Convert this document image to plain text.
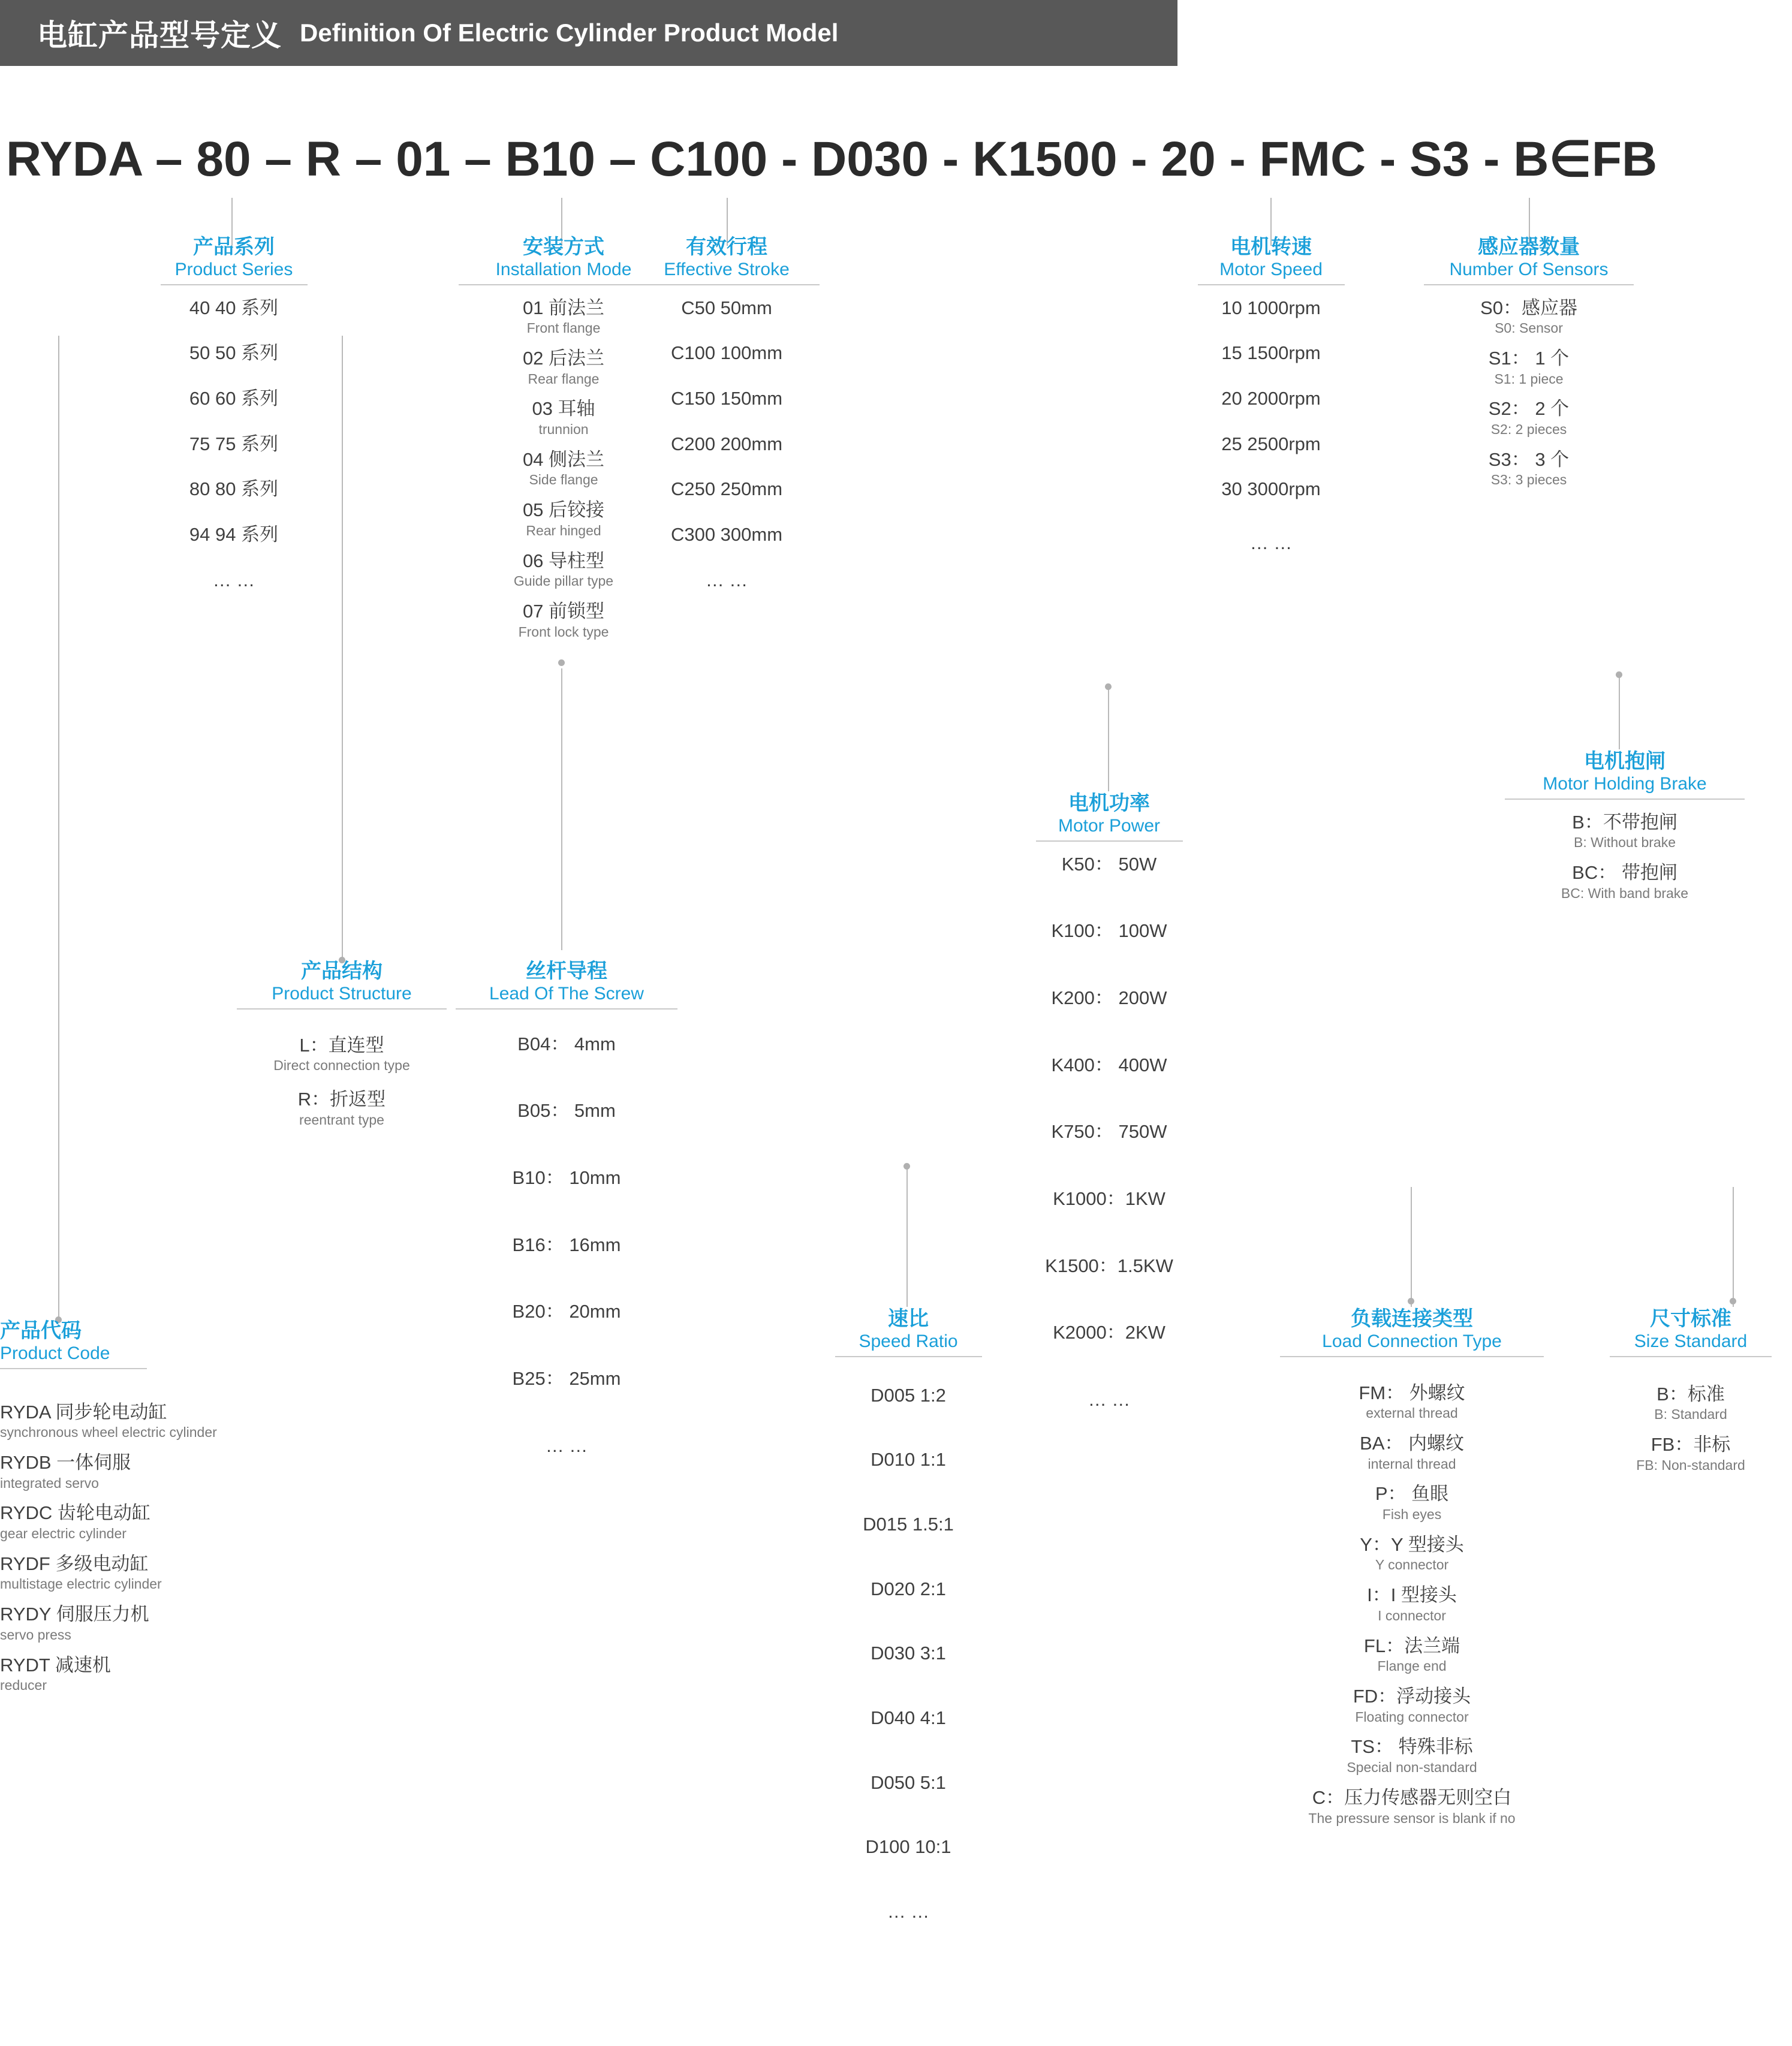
电缸产品型号定义 Definition Of Electric Cylinder Product Model
RYDA – 80 – R – 01 – B10 – C100 - D030 - K1500 - 20 - FMC - S3 - B∈FB
产品系列
Product Series
40 40 系列
50 50 系列
60 60 系列
75 75 系列
80 80 系列
94 94 系列
… …
安装方式
Installation Mode
01 前法兰
Front flange
02 后法兰
Rear flange
03 耳轴
trunnion
04 侧法兰
Side flange
05 后铰接
Rear hinged
06 导柱型
Guide pillar type
07 前锁型
Front lock type
有效行程
Effective Stroke
C50 50mm
C100 100mm
C150 150mm
C200 200mm
C250 250mm
C300 300mm
… …
电机转速
Motor Speed
10 1000rpm
15 1500rpm
20 2000rpm
25 2500rpm
30 3000rpm
… …
感应器数量
Number Of Sensors
S0：感应器
S0: Sensor
S1： 1 个
S1: 1 piece
S2： 2 个
S2: 2 pieces
S3： 3 个
S3: 3 pieces
电机抱闸
Motor Holding Brake
B：不带抱闸
B: Without brake
BC： 带抱闸
BC: With band brake
电机功率
Motor Power
K50： 50W
K100： 100W
K200： 200W
K400： 400W
K750： 750W
K1000：1KW
K1500：1.5KW
K2000：2KW
… …
产品结构
Product Structure
L：直连型
Direct connection type
R：折返型
reentrant type
丝杆导程
Lead Of The Screw
B04： 4mm
B05： 5mm
B10： 10mm
B16： 16mm
B20： 20mm
B25： 25mm
… …
产品代码
Product Code
RYDA 同步轮电动缸
synchronous wheel electric cylinder
RYDB 一体伺服
integrated servo
RYDC 齿轮电动缸
gear electric cylinder
RYDF 多级电动缸
multistage electric cylinder
RYDY 伺服压力机
servo press
RYDT 减速机
reducer
速比
Speed Ratio
D005 1:2
D010 1:1
D015 1.5:1
D020 2:1
D030 3:1
D040 4:1
D050 5:1
D100 10:1
… …
负载连接类型
Load Connection Type
FM： 外螺纹
external thread
BA： 内螺纹
internal thread
P： 鱼眼
Fish eyes
Y：Y 型接头
Y connector
I：I 型接头
I connector
FL：法兰端
Flange end
FD：浮动接头
Floating connector
TS： 特殊非标
Special non-standard
C：压力传感器无则空白
The pressure sensor is blank if no
尺寸标准
Size Standard
B：标准
B: Standard
FB：非标
FB: Non-standard
